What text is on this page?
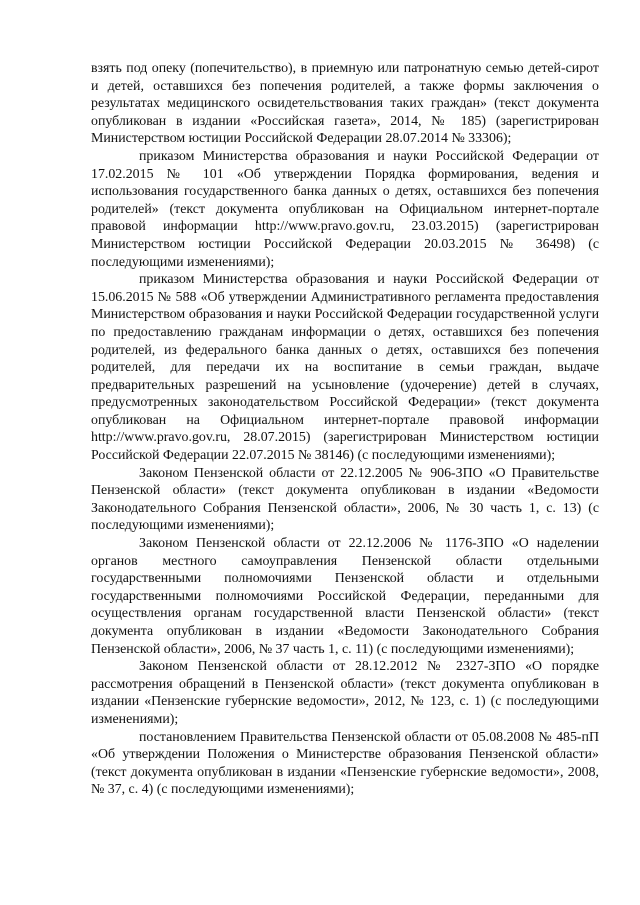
взять под опеку (попечительство), в приемную или патронатную семью детей-сирот и детей, оставшихся без попечения родителей, а также формы заключения о результатах медицинского освидетельствования таких граждан» (текст документа опубликован в издании «Российская газета», 2014, № 185) (зарегистрирован Министерством юстиции Российской Федерации 28.07.2014 № 33306);

приказом Министерства образования и науки Российской Федерации от 17.02.2015 № 101 «Об утверждении Порядка формирования, ведения и использования государственного банка данных о детях, оставшихся без попечения родителей» (текст документа опубликован на Официальном интернет-портале правовой информации http://www.pravo.gov.ru, 23.03.2015) (зарегистрирован Министерством юстиции Российской Федерации 20.03.2015 № 36498) (с последующими изменениями);

приказом Министерства образования и науки Российской Федерации от 15.06.2015 № 588 «Об утверждении Административного регламента предоставления Министерством образования и науки Российской Федерации государственной услуги по предоставлению гражданам информации о детях, оставшихся без попечения родителей, из федерального банка данных о детях, оставшихся без попечения родителей, для передачи их на воспитание в семьи граждан, выдаче предварительных разрешений на усыновление (удочерение) детей в случаях, предусмотренных законодательством Российской Федерации» (текст документа опубликован на Официальном интернет-портале правовой информации http://www.pravo.gov.ru, 28.07.2015) (зарегистрирован Министерством юстиции Российской Федерации 22.07.2015 № 38146) (с последующими изменениями);

Законом Пензенской области от 22.12.2005 № 906-ЗПО «О Правительстве Пензенской области» (текст документа опубликован в издании «Ведомости Законодательного Собрания Пензенской области», 2006, № 30 часть 1, с. 13) (с последующими изменениями);

Законом Пензенской области от 22.12.2006 № 1176-ЗПО «О наделении органов местного самоуправления Пензенской области отдельными государственными полномочиями Пензенской области и отдельными государственными полномочиями Российской Федерации, переданными для осуществления органам государственной власти Пензенской области» (текст документа опубликован в издании «Ведомости Законодательного Собрания Пензенской области», 2006, № 37 часть 1, с. 11) (с последующими изменениями);

Законом Пензенской области от 28.12.2012 № 2327-ЗПО «О порядке рассмотрения обращений в Пензенской области» (текст документа опубликован в издании «Пензенские губернские ведомости», 2012, № 123, с. 1) (с последующими изменениями);

постановлением Правительства Пензенской области от 05.08.2008 № 485-пП «Об утверждении Положения о Министерстве образования Пензенской области» (текст документа опубликован в издании «Пензенские губернские ведомости», 2008, № 37, с. 4) (с последующими изменениями);
